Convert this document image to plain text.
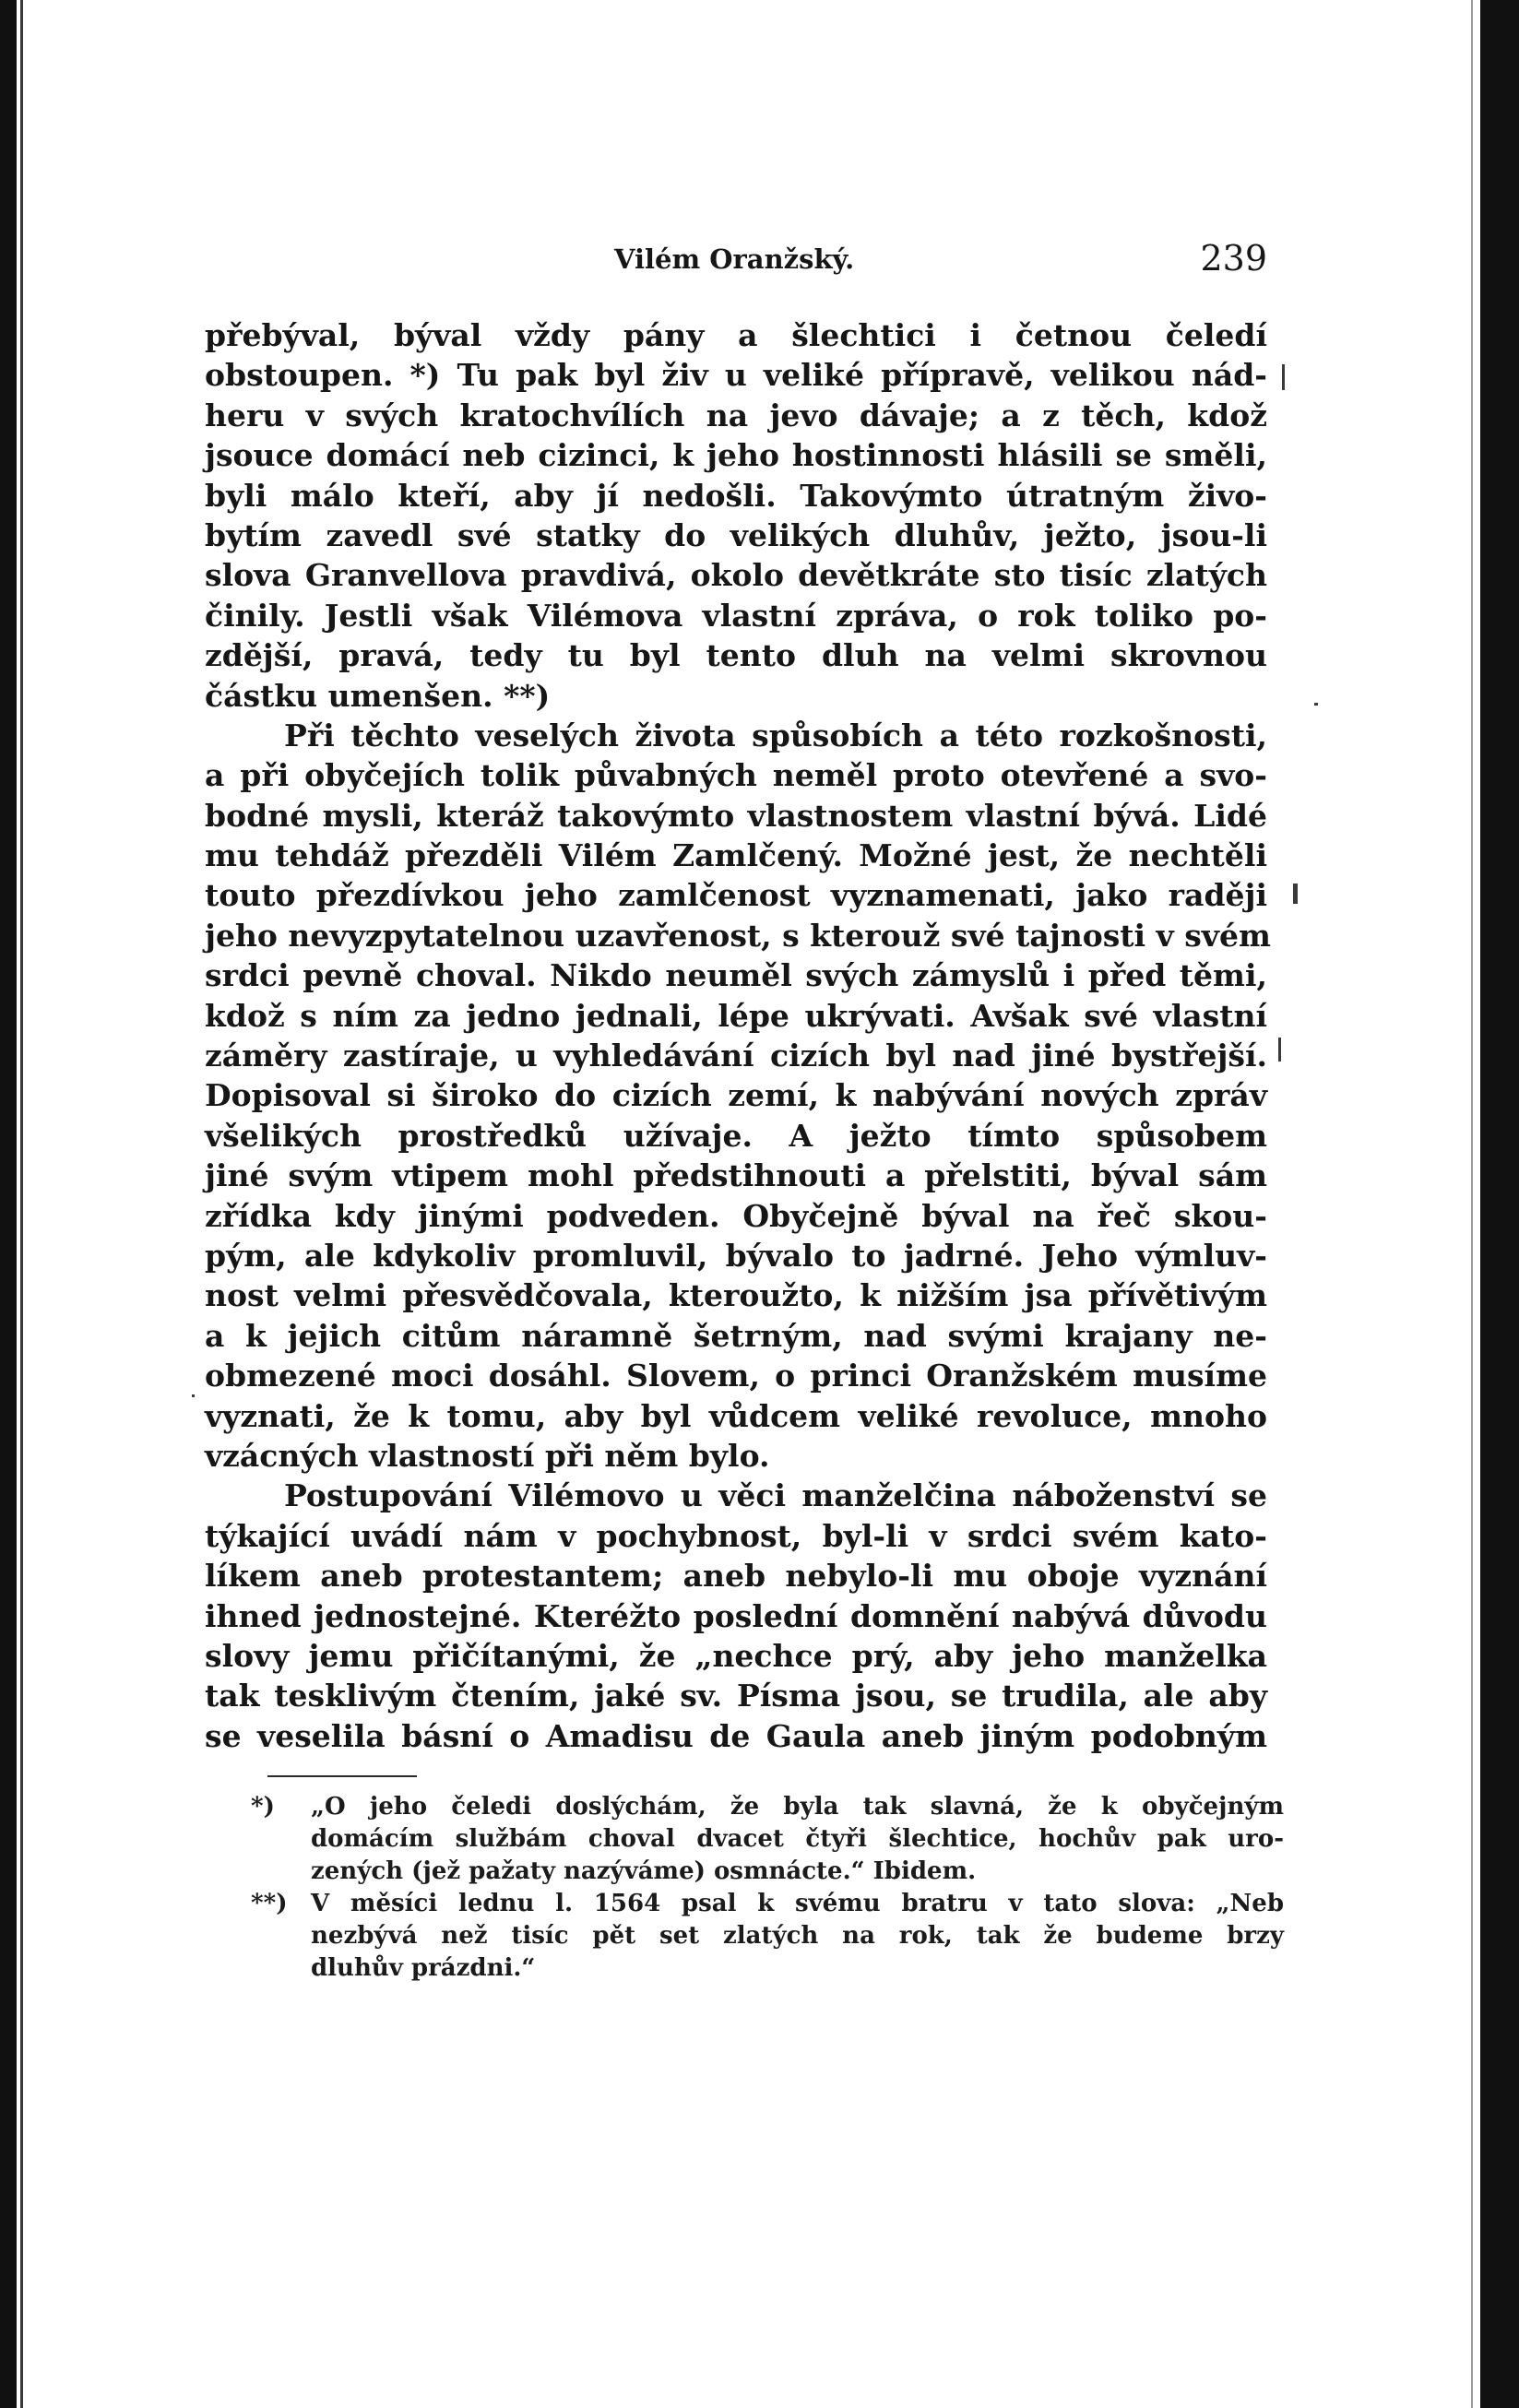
Vilém Oranžský.	239
přebýval, býval vždy pány a šlechtici i četnou čeledí
obstoupen. *) Tu pak byl živ u veliké přípravě, velikou nád-
heru v svých kratochvílích na jevo dávaje; a z těch, kdož
jsouce domácí neb cizinci, k jeho hostinnosti hlásili se směli,
byli málo kteří, aby jí nedošli. Takovýmto útratným živo-
bytím zavedl své statky do velikých dluhův, ježto, jsou-li
slova Granvellova pravdivá, okolo devětkráte sto tisíc zlatých
činily. Jestli však Vilémova vlastní zpráva, o rok toliko po-
zdější, pravá, tedy tu byl tento dluh na velmi skrovnou
částku umenšen. **)
Při těchto veselých života spůsobích a této rozkošnosti,
a při obyčejích tolik půvabných neměl proto otevřené a svo-
bodné mysli, kteráž takovýmto vlastnostem vlastní bývá. Lidé
mu tehdáž přezděli Vilém Zamlčený. Možné jest, že nechtěli
touto přezdívkou jeho zamlčenost vyznamenati, jako raději
jeho nevyzpytatelnou uzavřenost, s kterouž své tajnosti v svém
srdci pevně choval. Nikdo neuměl svých zámyslů i před těmi,
kdož s ním za jedno jednali, lépe ukrývati. Avšak své vlastní
záměry zastíraje, u vyhledávání cizích byl nad jiné bystřejší.
Dopisoval si široko do cizích zemí, k nabývání nových zpráv
všelikých prostředků užívaje. A ježto tímto spůsobem
jiné svým vtipem mohl předstihnouti a přelstiti, býval sám
zřídka kdy jinými podveden. Obyčejně býval na řeč skou-
pým, ale kdykoliv promluvil, bývalo to jadrné. Jeho výmluv-
nost velmi přesvědčovala, kteroužto, k nižším jsa přívětivým
a k jejich citům náramně šetrným, nad svými krajany ne-
obmezené moci dosáhl. Slovem, o princi Oranžském musíme
vyznati, že k tomu, aby byl vůdcem veliké revoluce, mnoho
vzácných vlastností při něm bylo.
Postupování Vilémovo u věci manželčina náboženství se
týkající uvádí nám v pochybnost, byl-li v srdci svém kato-
líkem aneb protestantem; aneb nebylo-li mu oboje vyznání
ihned jednostejné. Kteréžto poslední domnění nabývá důvodu
slovy jemu přičítanými, že „nechce prý, aby jeho manželka
tak tesklivým čtením, jaké sv. Písma jsou, se trudila, ale aby
se veselila básní o Amadisu de Gaula aneb jiným podobným
*) „O jeho čeledi doslýchám, že byla tak slavná, že k obyčejným
domácím službám choval dvacet čtyři šlechtice, hochův pak uro-
zených (jež pažaty nazýváme) osmnácte.“ Ibidem.
**) V měsíci lednu l. 1564 psal k svému bratru v tato slova: „Neb
nezbývá než tisíc pět set zlatých na rok, tak že budeme brzy
dluhův prázdni.“
